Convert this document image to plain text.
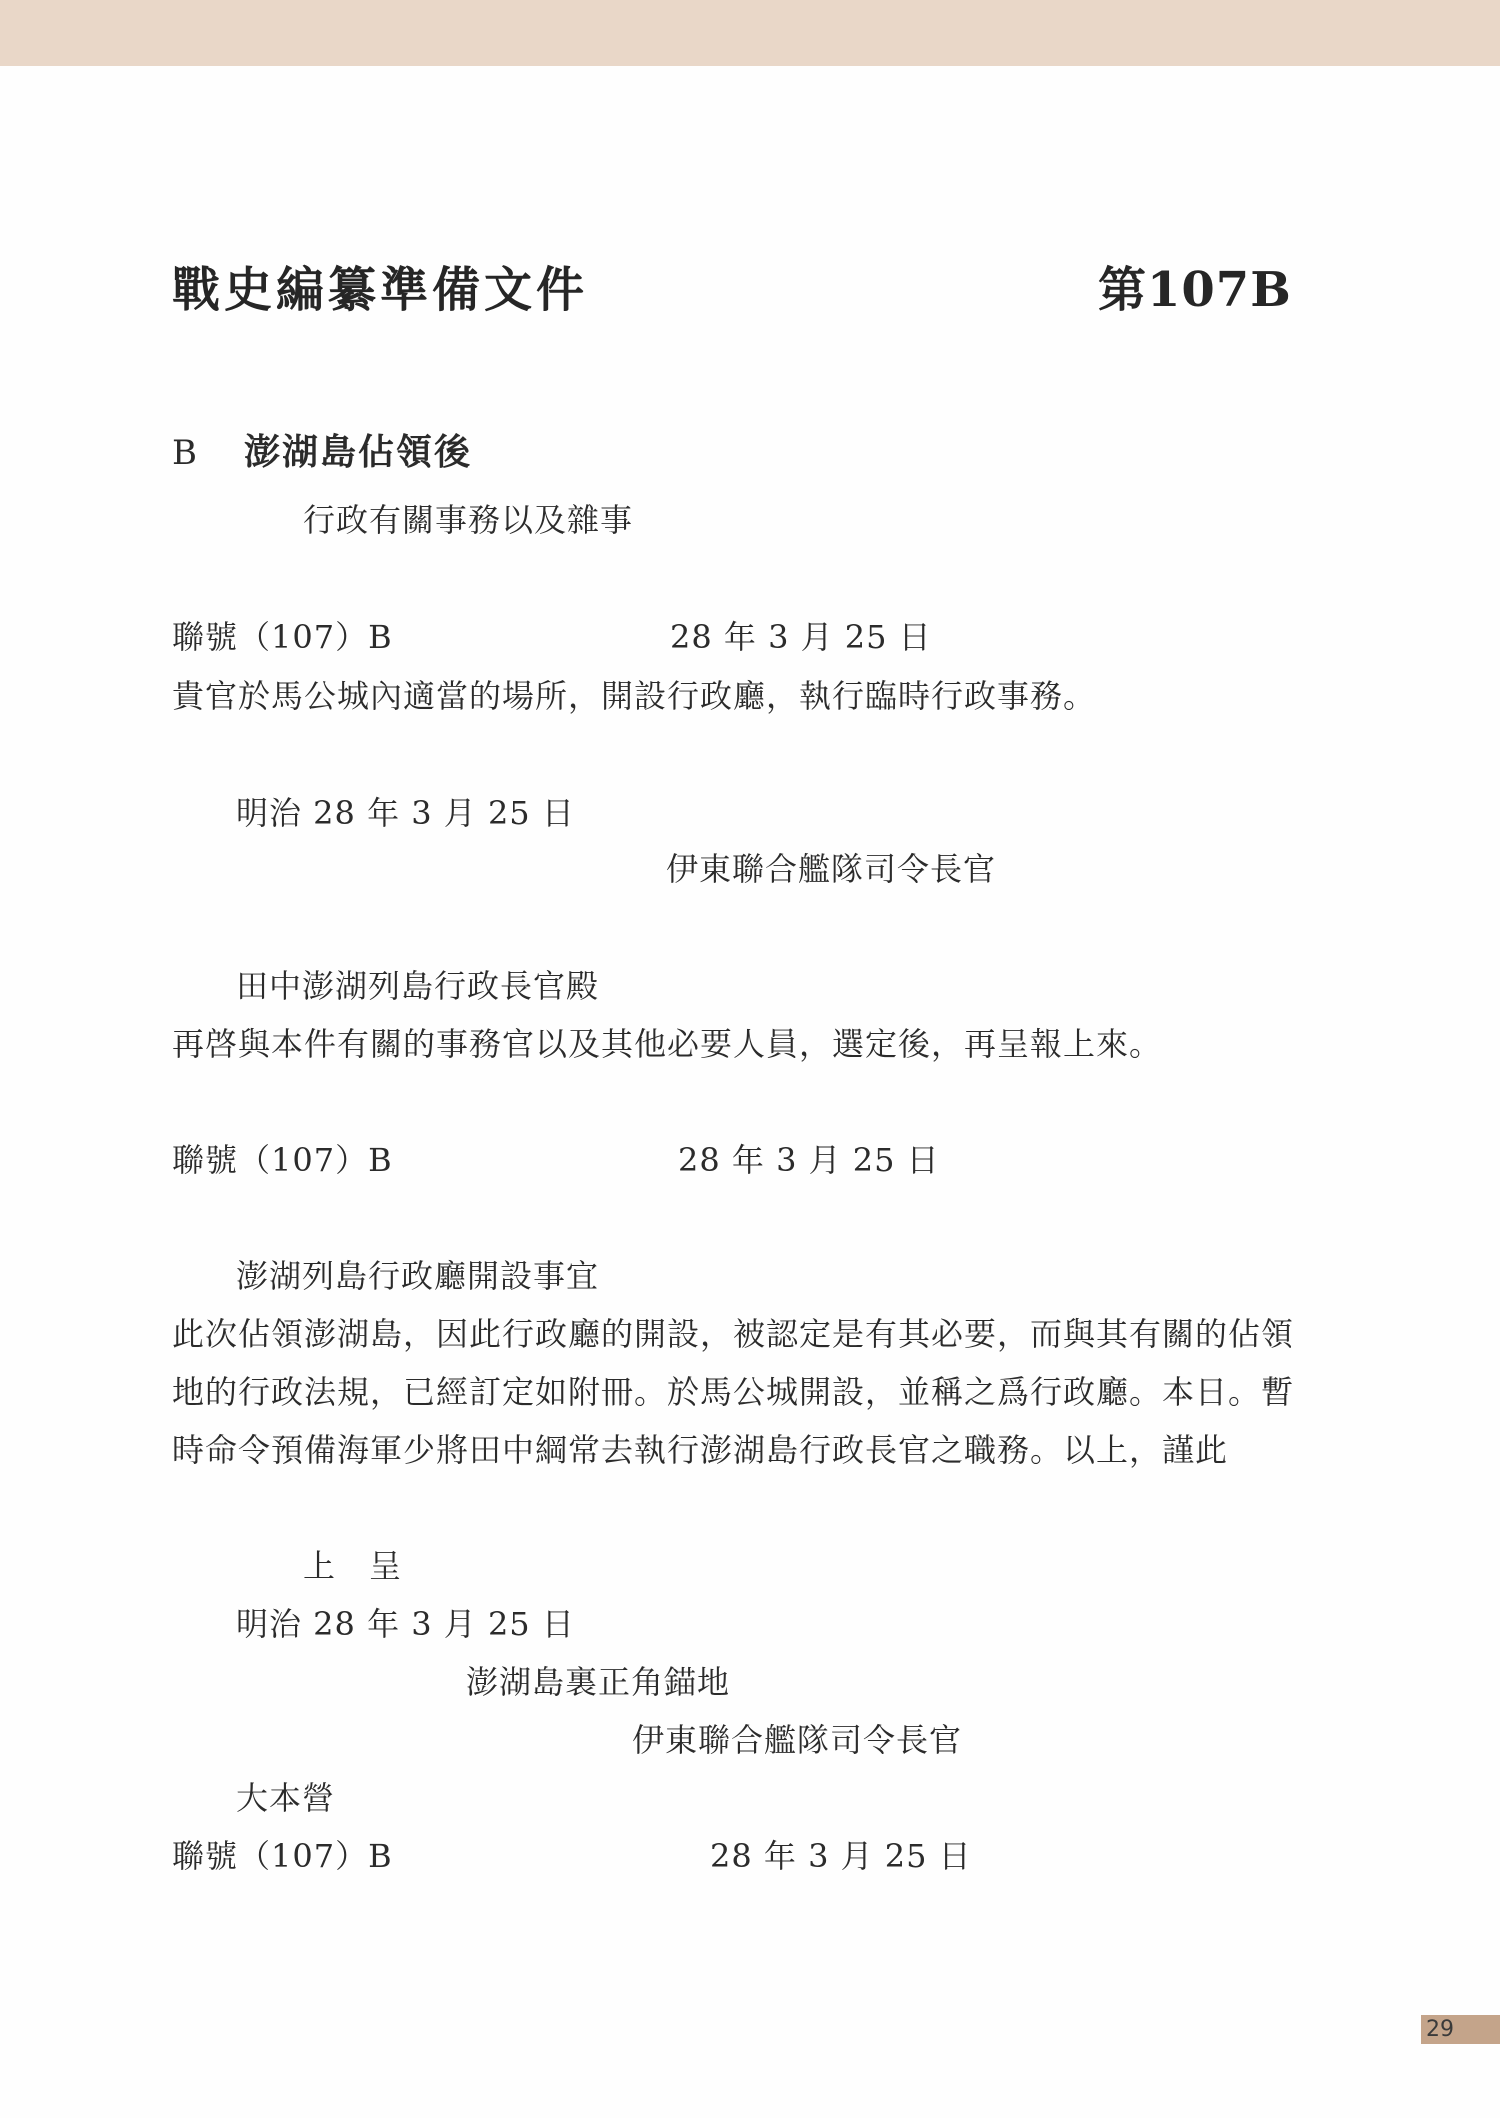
戰史編纂準備文件	第107B
B 澎湖島佔領後
行政有關事務以及雜事
聯號（107）B	28 年 3 月 25 日
貴官於馬公城內適當的場所，開設行政廳，執行臨時行政事務。
明治 28 年 3 月 25 日
伊東聯合艦隊司令長官
田中澎湖列島行政長官殿
再啓與本件有關的事務官以及其他必要人員，選定後，再呈報上來。
聯號（107）B	28 年 3 月 25 日
澎湖列島行政廳開設事宜
此次佔領澎湖島，因此行政廳的開設，被認定是有其必要，而與其有關的佔領
地的行政法規，已經訂定如附冊。於馬公城開設，並稱之爲行政廳。本日。暫
時命令預備海軍少將田中綱常去執行澎湖島行政長官之職務。以上，謹此
上　呈
明治 28 年 3 月 25 日
澎湖島裏正角錨地
伊東聯合艦隊司令長官
大本營
聯號（107）B	28 年 3 月 25 日
29
